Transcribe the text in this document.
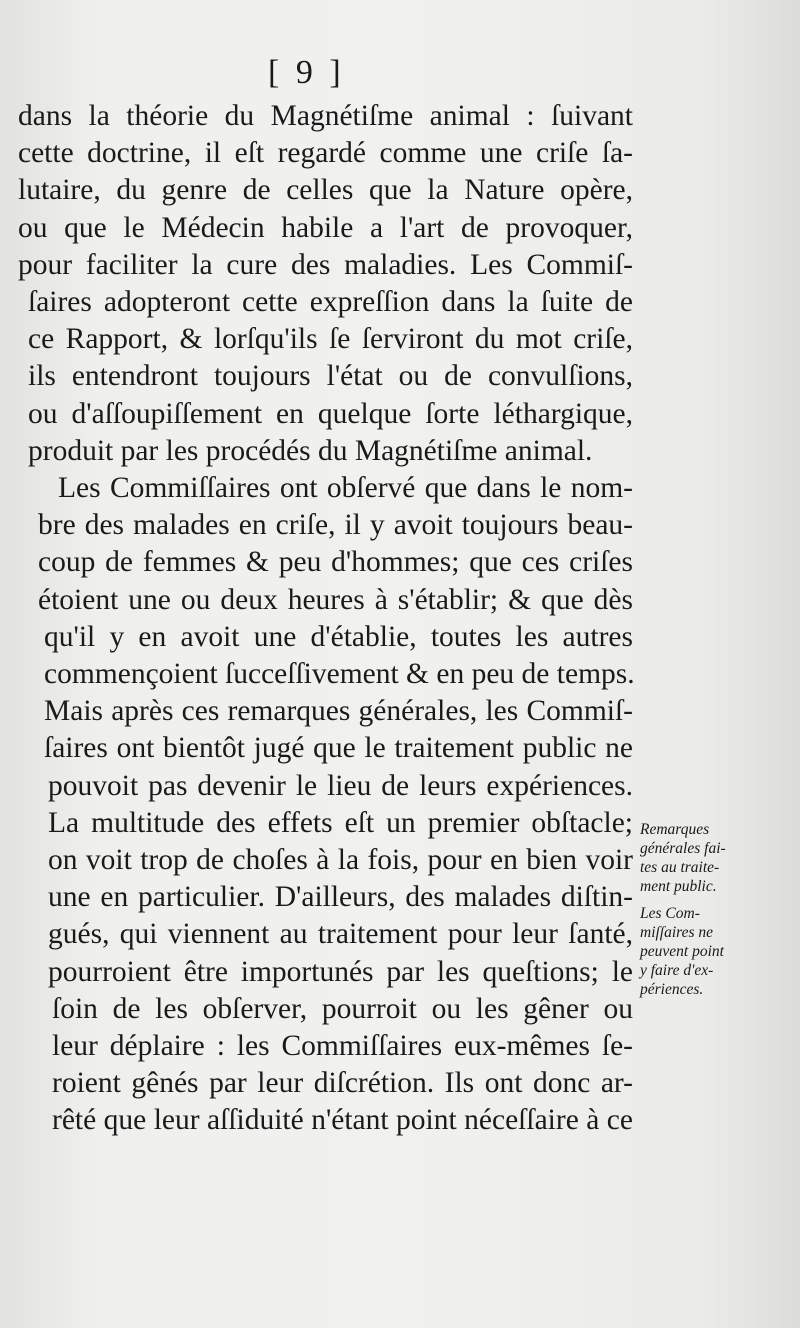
[ 9 ]
dans la théorie du Magnétiſme animal : ſuivant
cette doctrine, il eſt regardé comme une criſe ſa-
lutaire, du genre de celles que la Nature opère,
ou que le Médecin habile a l'art de provoquer,
pour faciliter la cure des maladies. Les Commiſ-
ſaires adopteront cette expreſſion dans la ſuite de
ce Rapport, & lorſqu'ils ſe ſerviront du mot criſe,
ils entendront toujours l'état ou de convulſions,
ou d'aſſoupiſſement en quelque ſorte léthargique,
produit par les procédés du Magnétiſme animal.
Les Commiſſaires ont obſervé que dans le nom-
bre des malades en criſe, il y avoit toujours beau-
coup de femmes & peu d'hommes; que ces criſes
étoient une ou deux heures à s'établir; & que dès
qu'il y en avoit une d'établie, toutes les autres
commençoient ſucceſſivement & en peu de temps.
Mais après ces remarques générales, les Commiſ-
ſaires ont bientôt jugé que le traitement public ne
pouvoit pas devenir le lieu de leurs expériences.
La multitude des effets eſt un premier obſtacle;
on voit trop de choſes à la fois, pour en bien voir
une en particulier. D'ailleurs, des malades diſtin-
gués, qui viennent au traitement pour leur ſanté,
pourroient être importunés par les queſtions; le
ſoin de les obſerver, pourroit ou les gêner ou
leur déplaire : les Commiſſaires eux-mêmes ſe-
roient gênés par leur diſcrétion. Ils ont donc ar-
rêté que leur aſſiduité n'étant point néceſſaire à ce
Remarques
générales fai-
tes au traite-
ment public.
Les Com-
miſſaires ne
peuvent point
y faire d'ex-
périences.
